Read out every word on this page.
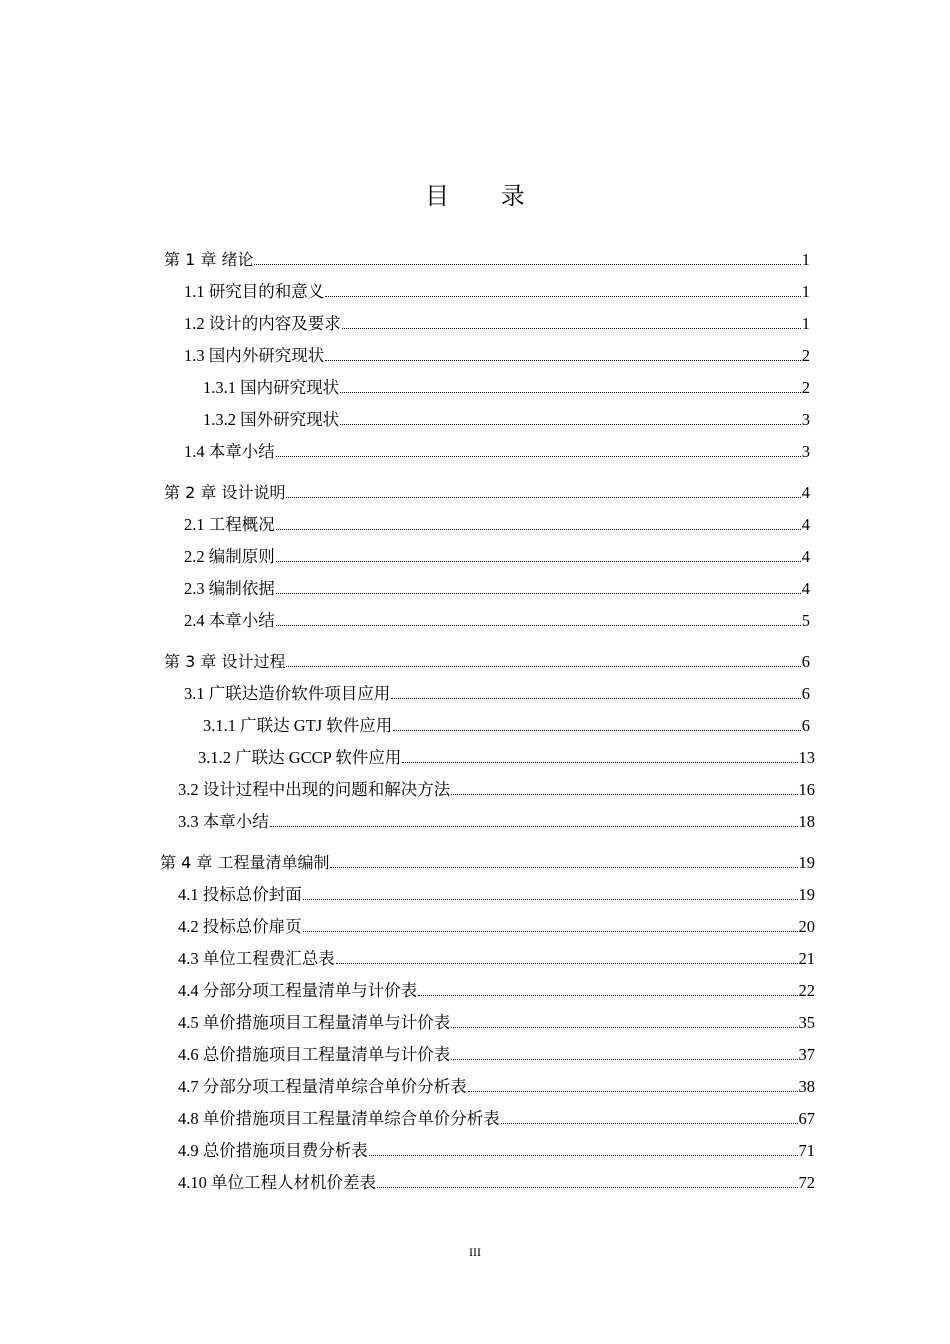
目 录
第 1 章 绪论	1
1.1 研究目的和意义	1
1.2 设计的内容及要求	1
1.3 国内外研究现状	2
1.3.1 国内研究现状	2
1.3.2 国外研究现状	3
1.4 本章小结	3
第 2 章 设计说明	4
2.1 工程概况	4
2.2 编制原则	4
2.3 编制依据	4
2.4 本章小结	5
第 3 章 设计过程	6
3.1 广联达造价软件项目应用	6
3.1.1 广联达 GTJ 软件应用	6
3.1.2 广联达 GCCP 软件应用	13
3.2 设计过程中出现的问题和解决方法	16
3.3 本章小结	18
第 4 章 工程量清单编制	19
4.1 投标总价封面	19
4.2 投标总价扉页	20
4.3 单位工程费汇总表	21
4.4 分部分项工程量清单与计价表	22
4.5 单价措施项目工程量清单与计价表	35
4.6 总价措施项目工程量清单与计价表	37
4.7 分部分项工程量清单综合单价分析表	38
4.8 单价措施项目工程量清单综合单价分析表	67
4.9 总价措施项目费分析表	71
4.10 单位工程人材机价差表	72
III
